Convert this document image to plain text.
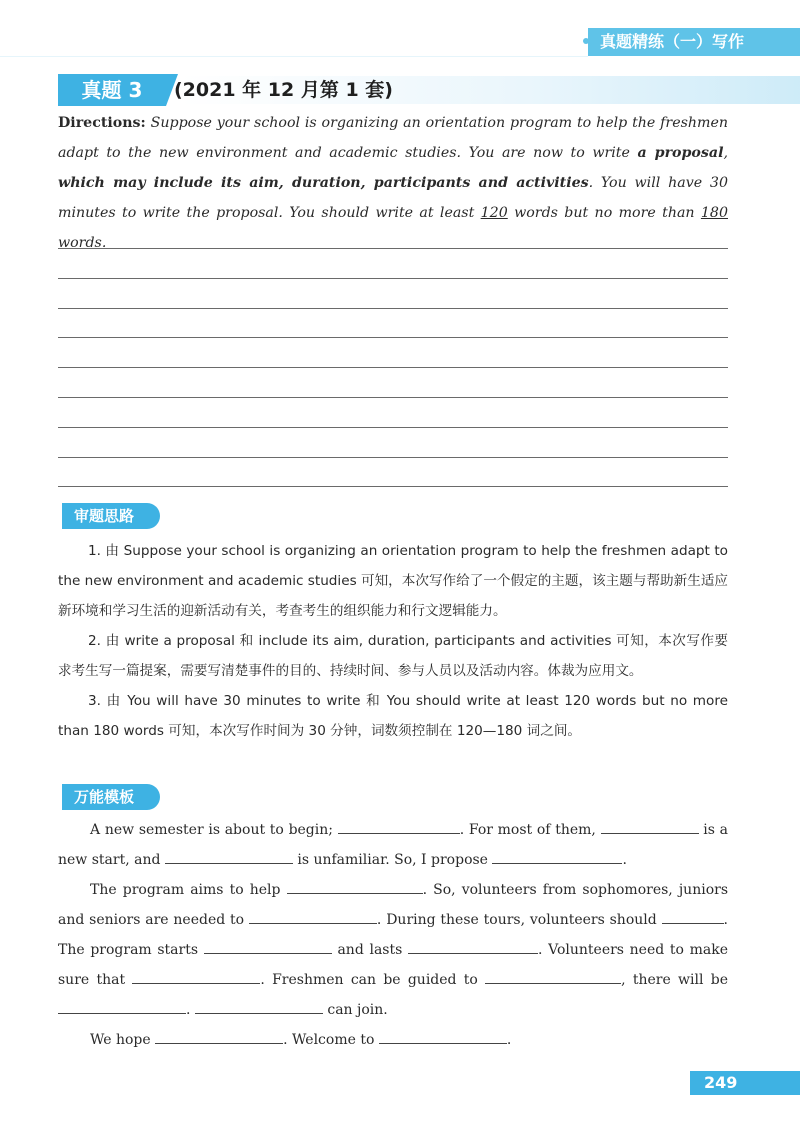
真题精练（一）写作
真题 3	(2021 年 12 月第 1 套)
Directions: Suppose your school is organizing an orientation program to help the freshmen adapt to the new environment and academic studies. You are now to write a proposal, which may include its aim, duration, participants and activities. You will have 30 minutes to write the proposal. You should write at least 120 words but no more than 180 words.
审题思路

1. 由 Suppose your school is organizing an orientation program to help the freshmen adapt to the new environment and academic studies 可知，本次写作给了一个假定的主题，该主题与帮助新生适应新环境和学习生活的迎新活动有关，考查考生的组织能力和行文逻辑能力。

2. 由 write a proposal 和 include its aim, duration, participants and activities 可知，本次写作要求考生写一篇提案，需要写清楚事件的目的、持续时间、参与人员以及活动内容。体裁为应用文。

3. 由 You will have 30 minutes to write 和 You should write at least 120 words but no more than 180 words 可知，本次写作时间为 30 分钟，词数须控制在 120—180 词之间。

万能模板

A new semester is about to begin;	. For most of them,	is a new start, and	is unfamiliar. So, I propose	.

The program aims to help	. So, volunteers from sophomores, juniors and seniors are needed to	. During these tours, volunteers should	. The program starts	and lasts	. Volunteers need to make sure that	. Freshmen can be guided to	, there will be .	can join.

We hope	. Welcome to	.

249
